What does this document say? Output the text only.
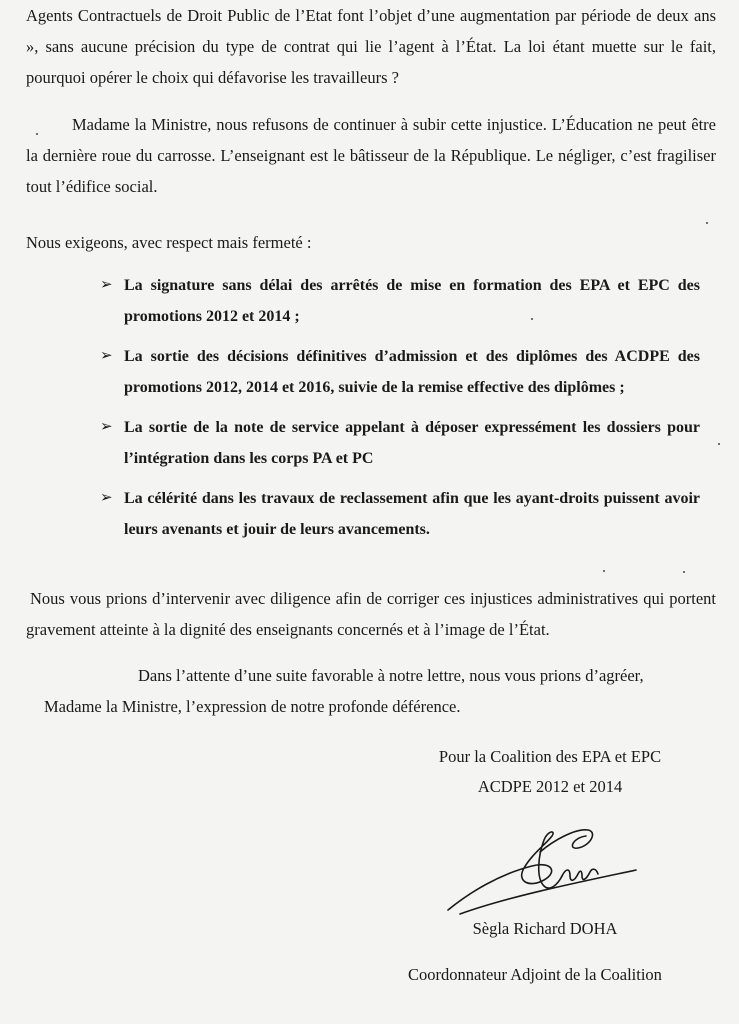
Agents Contractuels de Droit Public de l’Etat font l’objet d’une augmentation par période de deux ans », sans aucune précision du type de contrat qui lie l’agent à l’État. La loi étant muette sur le fait, pourquoi opérer le choix qui défavorise les travailleurs ?

Madame la Ministre, nous refusons de continuer à subir cette injustice. L’Éducation ne peut être la dernière roue du carrosse. L’enseignant est le bâtisseur de la République. Le négliger, c’est fragiliser tout l’édifice social.

Nous exigeons, avec respect mais fermeté :

➢ La signature sans délai des arrêtés de mise en formation des EPA et EPC des promotions 2012 et 2014 ;
➢ La sortie des décisions définitives d’admission et des diplômes des ACDPE des promotions 2012, 2014 et 2016, suivie de la remise effective des diplômes ;
➢ La sortie de la note de service appelant à déposer expressément les dossiers pour l’intégration dans les corps PA et PC
➢ La célérité dans les travaux de reclassement afin que les ayant-droits puissent avoir leurs avenants et jouir de leurs avancements.

Nous vous prions d’intervenir avec diligence afin de corriger ces injustices administratives qui portent gravement atteinte à la dignité des enseignants concernés et à l’image de l’État.

Dans l’attente d’une suite favorable à notre lettre, nous vous prions d’agréer,
Madame la Ministre, l’expression de notre profonde déférence.

Pour la Coalition des EPA et EPC
ACDPE 2012 et 2014
Sègla Richard DOHA
Coordonnateur Adjoint de la Coalition
